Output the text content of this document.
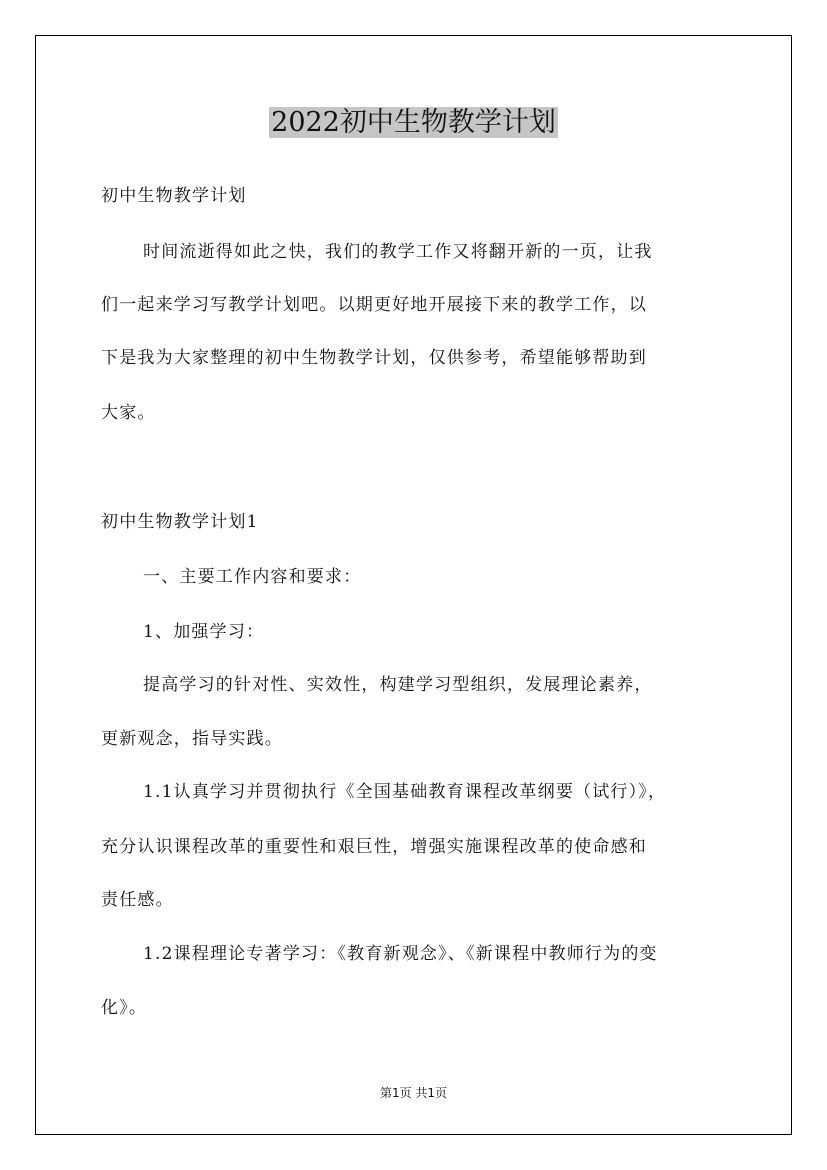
2022初中生物教学计划

初中生物教学计划

时间流逝得如此之快，我们的教学工作又将翻开新的一页，让我

们一起来学习写教学计划吧。以期更好地开展接下来的教学工作，以

下是我为大家整理的初中生物教学计划，仅供参考，希望能够帮助到

大家。

初中生物教学计划1

一、主要工作内容和要求：

1、加强学习：

提高学习的针对性、实效性，构建学习型组织，发展理论素养，

更新观念，指导实践。

1.1认真学习并贯彻执行《全国基础教育课程改革纲要（试行）》，

充分认识课程改革的重要性和艰巨性，增强实施课程改革的使命感和

责任感。

1.2课程理论专著学习：《教育新观念》、《新课程中教师行为的变

化》。

第1页 共1页
